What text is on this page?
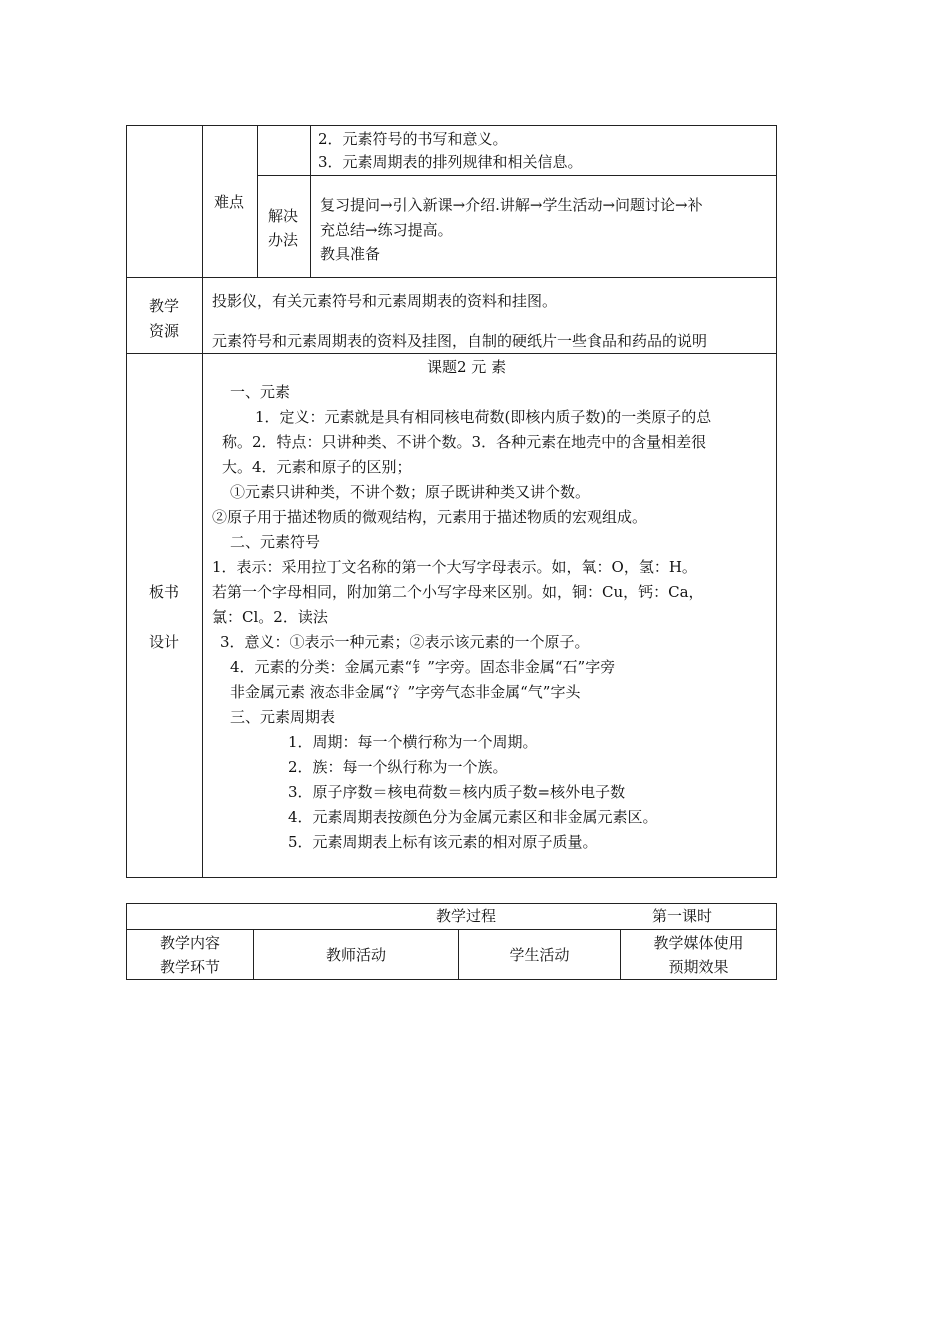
难点
2．元素符号的书写和意义。
3．元素周期表的排列规律和相关信息。
解决
办法
复习提问→引入新课→介绍.讲解→学生活动→问题讨论→补
充总结→练习提高。
教具准备
教学
资源
投影仪，有关元素符号和元素周期表的资料和挂图。
元素符号和元素周期表的资料及挂图，自制的硬纸片一些食品和药品的说明
板书
设计
课题2 元 素
一、元素
1．定义：元素就是具有相同核电荷数(即核内质子数)的一类原子的总
称。2．特点：只讲种类、不讲个数。3．各种元素在地壳中的含量相差很
大。4．元素和原子的区别；
①元素只讲种类，不讲个数；原子既讲种类又讲个数。
②原子用于描述物质的微观结构，元素用于描述物质的宏观组成。
二、元素符号
1．表示：采用拉丁文名称的第一个大写字母表示。如，氧：O，氢：H。
若第一个字母相同，附加第二个小写字母来区别。如，铜：Cu，钙：Ca，
氯：Cl。2．读法
3．意义：①表示一种元素；②表示该元素的一个原子。
4．元素的分类：金属元素“钅”字旁。固态非金属“石”字旁
非金属元素 液态非金属“氵”字旁气态非金属“气”字头
三、元素周期表
1．周期：每一个横行称为一个周期。
2．族：每一个纵行称为一个族。
3．原子序数＝核电荷数＝核内质子数=核外电子数
4．元素周期表按颜色分为金属元素区和非金属元素区。
5．元素周期表上标有该元素的相对原子质量。
教学过程	第一课时
教学内容
教学环节
教师活动	学生活动
教学媒体使用
预期效果
